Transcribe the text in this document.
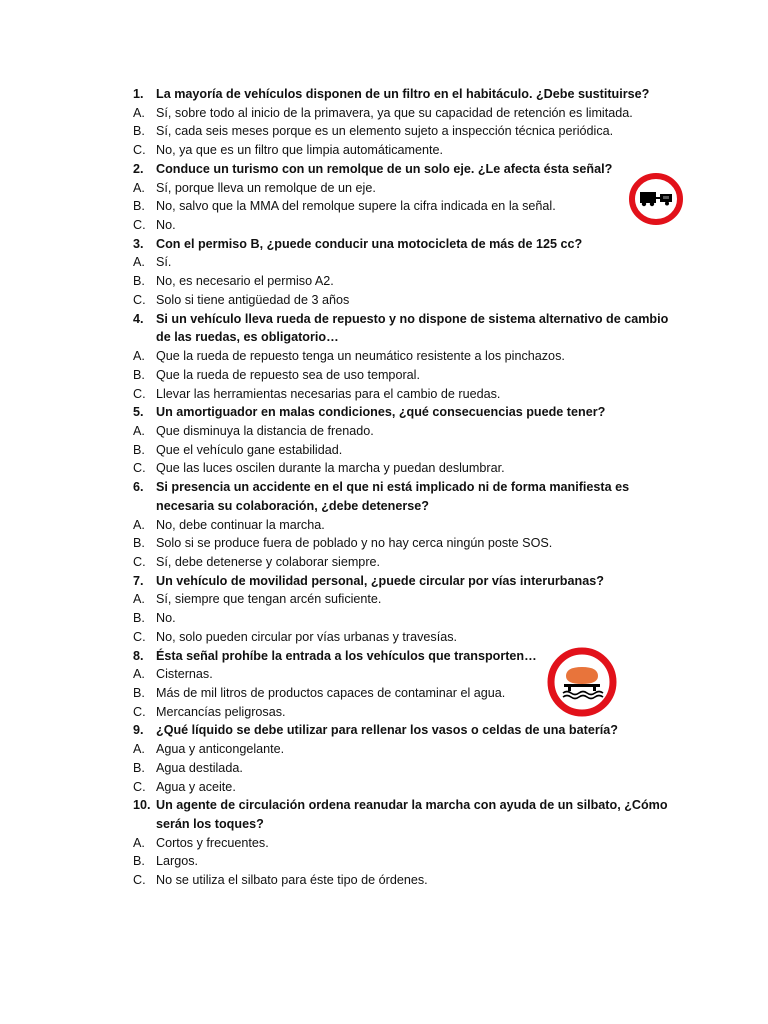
1. La mayoría de vehículos disponen de un filtro en el habitáculo. ¿Debe sustituirse?
A. Sí, sobre todo al inicio de la primavera, ya que su capacidad de retención es limitada.
B. Sí, cada seis meses porque es un elemento sujeto a inspección técnica periódica.
C. No, ya que es un filtro que limpia automáticamente.
2. Conduce un turismo con un remolque de un solo eje. ¿Le afecta ésta señal?
A. Sí, porque lleva un remolque de un eje.
B. No, salvo que la MMA del remolque supere la cifra indicada en la señal.
C. No.
3. Con el permiso B, ¿puede conducir una motocicleta de más de 125 cc?
A. Sí.
B. No, es necesario el permiso A2.
C. Solo si tiene antigüedad de 3 años
4. Si un vehículo lleva rueda de repuesto y no dispone de sistema alternativo de cambio
de las ruedas, es obligatorio…
A. Que la rueda de repuesto tenga un neumático resistente a los pinchazos.
B. Que la rueda de repuesto sea de uso temporal.
C. Llevar las herramientas necesarias para el cambio de ruedas.
5. Un amortiguador en malas condiciones, ¿qué consecuencias puede tener?
A. Que disminuya la distancia de frenado.
B. Que el vehículo gane estabilidad.
C. Que las luces oscilen durante la marcha y puedan deslumbrar.
6. Si presencia un accidente en el que ni está implicado ni de forma manifiesta es
necesaria su colaboración, ¿debe detenerse?
A. No, debe continuar la marcha.
B. Solo si se produce fuera de poblado y no hay cerca ningún poste SOS.
C. Sí, debe detenerse y colaborar siempre.
7. Un vehículo de movilidad personal, ¿puede circular por vías interurbanas?
A. Sí, siempre que tengan arcén suficiente.
B. No.
C. No, solo pueden circular por vías urbanas y travesías.
8. Ésta señal prohíbe la entrada a los vehículos que transporten…
A. Cisternas.
B. Más de mil litros de productos capaces de contaminar el agua.
C. Mercancías peligrosas.
9. ¿Qué líquido se debe utilizar para rellenar los vasos o celdas de una batería?
A. Agua y anticongelante.
B. Agua destilada.
C. Agua y aceite.
10. Un agente de circulación ordena reanudar la marcha con ayuda de un silbato, ¿Cómo
serán los toques?
A. Cortos y frecuentes.
B. Largos.
C. No se utiliza el silbato para éste tipo de órdenes.
